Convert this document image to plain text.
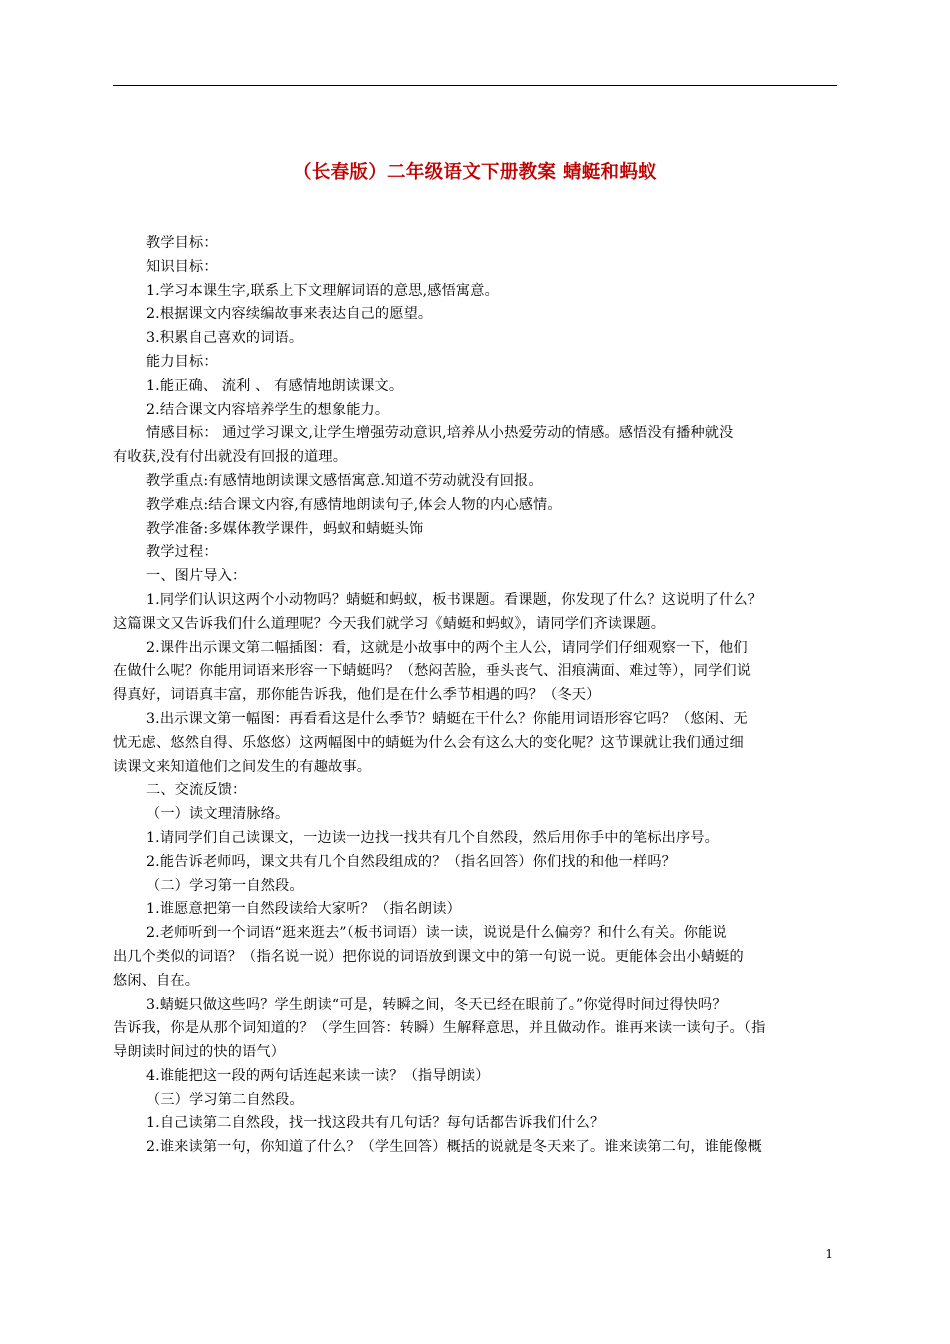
（长春版）二年级语文下册教案 蜻蜓和蚂蚁
教学目标：
知识目标：
1.学习本课生字,联系上下文理解词语的意思,感悟寓意。
2.根据课文内容续编故事来表达自己的愿望。
3.积累自己喜欢的词语。
能力目标：
1.能正确、 流利 、 有感情地朗读课文。
2.结合课文内容培养学生的想象能力。
情感目标： 通过学习课文,让学生增强劳动意识,培养从小热爱劳动的情感。感悟没有播种就没
有收获,没有付出就没有回报的道理。
教学重点:有感情地朗读课文感悟寓意.知道不劳动就没有回报。
教学难点:结合课文内容,有感情地朗读句子,体会人物的内心感情。
教学准备:多媒体教学课件，蚂蚁和蜻蜓头饰
教学过程：
一、图片导入：
1.同学们认识这两个小动物吗？蜻蜓和蚂蚁，板书课题。看课题，你发现了什么？这说明了什么？
这篇课文又告诉我们什么道理呢？今天我们就学习《蜻蜓和蚂蚁》，请同学们齐读课题。
2.课件出示课文第二幅插图：看，这就是小故事中的两个主人公，请同学们仔细观察一下，他们
在做什么呢？你能用词语来形容一下蜻蜓吗？（愁闷苦脸，垂头丧气、泪痕满面、难过等），同学们说
得真好，词语真丰富，那你能告诉我，他们是在什么季节相遇的吗？（冬天）
3.出示课文第一幅图：再看看这是什么季节？蜻蜓在干什么？你能用词语形容它吗？（悠闲、无
忧无虑、悠然自得、乐悠悠）这两幅图中的蜻蜓为什么会有这么大的变化呢？这节课就让我们通过细
读课文来知道他们之间发生的有趣故事。
二、交流反馈：
（一）读文理清脉络。
1.请同学们自己读课文，一边读一边找一找共有几个自然段，然后用你手中的笔标出序号。
2.能告诉老师吗，课文共有几个自然段组成的？（指名回答）你们找的和他一样吗？
（二）学习第一自然段。
1.谁愿意把第一自然段读给大家听？（指名朗读）
2.老师听到一个词语“逛来逛去”（板书词语）读一读，说说是什么偏旁？和什么有关。你能说
出几个类似的词语？（指名说一说）把你说的词语放到课文中的第一句说一说。更能体会出小蜻蜓的
悠闲、自在。
3.蜻蜓只做这些吗？学生朗读“可是，转瞬之间，冬天已经在眼前了。”你觉得时间过得快吗？
告诉我，你是从那个词知道的？（学生回答：转瞬）生解释意思，并且做动作。谁再来读一读句子。（指
导朗读时间过的快的语气）
4.谁能把这一段的两句话连起来读一读？（指导朗读）
（三）学习第二自然段。
1.自己读第二自然段，找一找这段共有几句话？每句话都告诉我们什么？
2.谁来读第一句，你知道了什么？（学生回答）概括的说就是冬天来了。谁来读第二句，谁能像概
1
